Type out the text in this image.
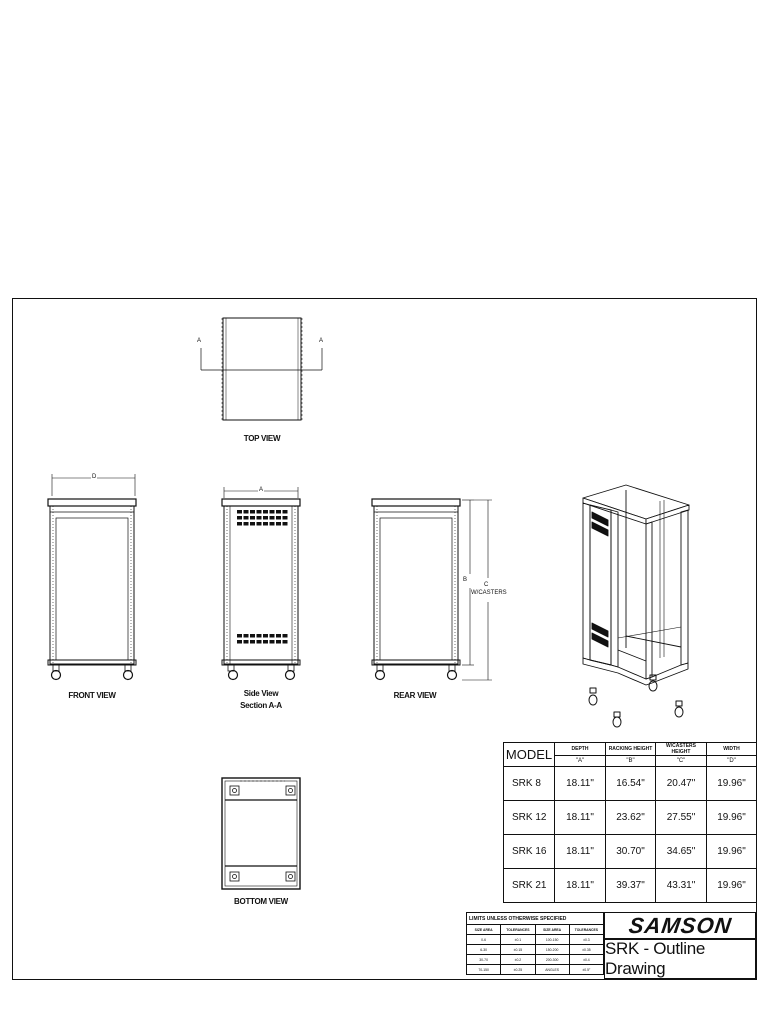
`
TOP VIEW
FRONT VIEW	Side View
Section A-A
REAR VIEW
BOTTOM VIEW
A	A
D
A
B
C
W/CASTERS
MODEL	DEPTH	RACKING HEIGHT	W/CASTERS HEIGHT	WIDTH
	"A"	"B"	"C"	"D"
SRK 8	18.11"	16.54"	20.47"	19.96"
SRK 12	18.11"	23.62"	27.55"	19.96"
SRK 16	18.11"	30.70"	34.65"	19.96"
SRK 21	18.11"	39.37"	43.31"	19.96"
LIMITS UNLESS OTHERWISE SPECIFIED			
SIZE AREA	TOLERANCES	SIZE AREA	TOLERANCES
0-6	±0.1	100-150	±0.3
6-30	±0.15	150-200	±0.35
30-70	±0.2	200-300	±0.4
70-150	±0.25	ANGLES	±0.5°
SAMSON
SRK - Outline Drawing
